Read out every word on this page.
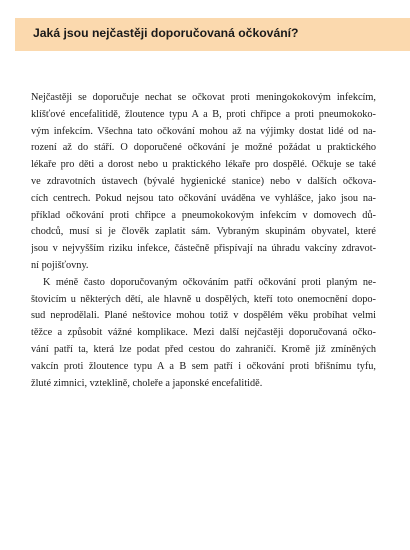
Jaká jsou nejčastěji doporučovaná očkování?
Nejčastěji se doporučuje nechat se očkovat proti meningokokovým infekcím,
klíšťové encefalitidě, žloutence typu A a B, proti chřipce a proti pneumokoko-
vým infekcím. Všechna tato očkování mohou až na výjimky dostat lidé od na-
rození až do stáří. O doporučené očkování je možné požádat u praktického
lékaře pro děti a dorost nebo u praktického lékaře pro dospělé. Očkuje se také
ve zdravotních ústavech (bývalé hygienické stanice) nebo v dalších očkova-
cích centrech. Pokud nejsou tato očkování uváděna ve vyhlášce, jako jsou na-
příklad očkování proti chřipce a pneumokokovým infekcím v domovech dů-
chodců, musí si je člověk zaplatit sám. Vybraným skupinám obyvatel, které
jsou v nejvyšším riziku infekce, částečně přispívají na úhradu vakcíny zdravot-
ní pojišťovny.
K méně často doporučovaným očkováním patří očkování proti planým ne-
štovicím u některých dětí, ale hlavně u dospělých, kteří toto onemocnění dopo-
sud neprodělali. Plané neštovice mohou totiž v dospělém věku probíhat velmi
těžce a způsobit vážné komplikace. Mezi další nejčastěji doporučovaná očko-
vání patří ta, která lze podat před cestou do zahraničí. Kromě již zmíněných
vakcín proti žloutence typu A a B sem patří i očkování proti břišnímu tyfu,
žluté zimnici, vzteklině, choleře a japonské encefalitidě.
